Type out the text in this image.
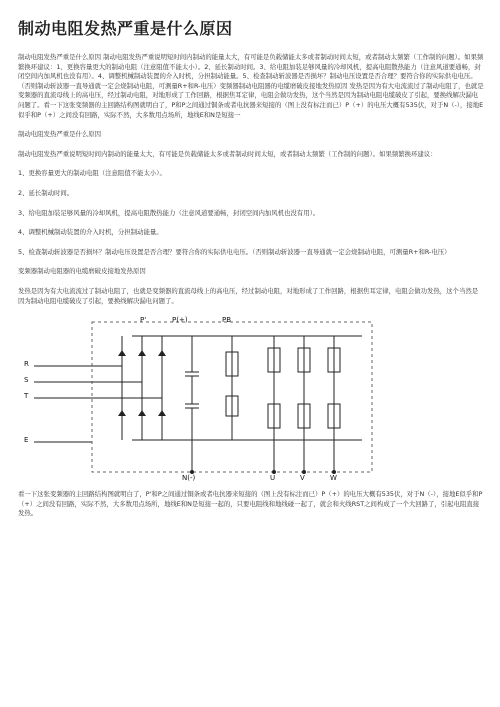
制动电阻发热严重是什么原因

制动电阻发热严重是什么原因 制动电阻发热严重说明短时间内制动的能量太大，有可能是负载储能太多或者制动时间太短，或者制动太频繁（工作制的问题）。如果频繁换环建议：1、更换容量更大的制动电阻（注意阻值不能太小）。2、延长制动时间。3、给电阻加装足够风量的冷却风机，提高电阻散热能力（注意风道要通畅，封闭空间内加风机也没有用）。4、调整机械制动装置的介入时机，分担制动能量。5、检查制动斩波器是否损坏？制动电压设置是否合理？要符合你的实际供电电压。（否则制动斩波器一直导通就一定会烧制动电阻，可测量R+和R-电压）变频器制动电阻器的电缆磨破皮接地发热原因 发热是因为有大电流流过了制动电阻了，也就是变频器的直流母线上的高电压，经过制动电阻，对地形成了工作回路，根据焦耳定律，电阻会做功发热，这个当然是因为制动电阻电缆破皮了引起，要换线解决漏电问题了。看一下这张变频器的主回路结构图就明白了，P和P之间通过铜条或者电抗器来短接的（图上没有标注而已）P（+）的电压大概有535伏，对于N（-），接地E似乎和P（+）之间没有回路，实际不然，大多数用点场所，地线E和N是短接一

制动电阻发热严重是什么原因

制动电阻发热严重说明短时间内制动的能量太大，有可能是负载储能太多或者制动时间太短，或者制动太频繁（工作制的问题）。如果频繁换环建议：

1、更换容量更大的制动电阻（注意阻值不能太小）。

2、延长制动时间。

3、给电阻加装足够风量的冷却风机，提高电阻散热能力（注意风道要通畅，封闭空间内加风机也没有用）。

4、调整机械制动装置的介入时机，分担制动能量。

5、检查制动斩波器是否损坏？制动电压设置是否合理？要符合你的实际供电电压。（否则制动斩波器一直导通就一定会烧制动电阻，可测量R+和R-电压）

变频器制动电阻器的电缆磨破皮接地发热原因

发热是因为有大电流流过了制动电阻了，也就是变频器的直流母线上的高电压，经过制动电阻，对地形成了工作回路，根据焦耳定律，电阻会做功发热，这个当然是因为制动电阻电缆破皮了引起，要换线解决漏电问题了。

P'	P(+)	PB
R
S
T
E
N(-)	U	V	W

看一下这张变频器的主回路结构图就明白了，P'和P之间通过铜条或者电抗器来短接的（图上没有标注而已）P（+）的电压大概有535伏，对于N（-），接地E似乎和P（+）之间没有回路，实际不然，大多数用点场所，地线E和N是短接一起的，只要电阻线和地线碰一起了，就会和火线RST之间构成了一个大回路了，引起电阻直接发热。
